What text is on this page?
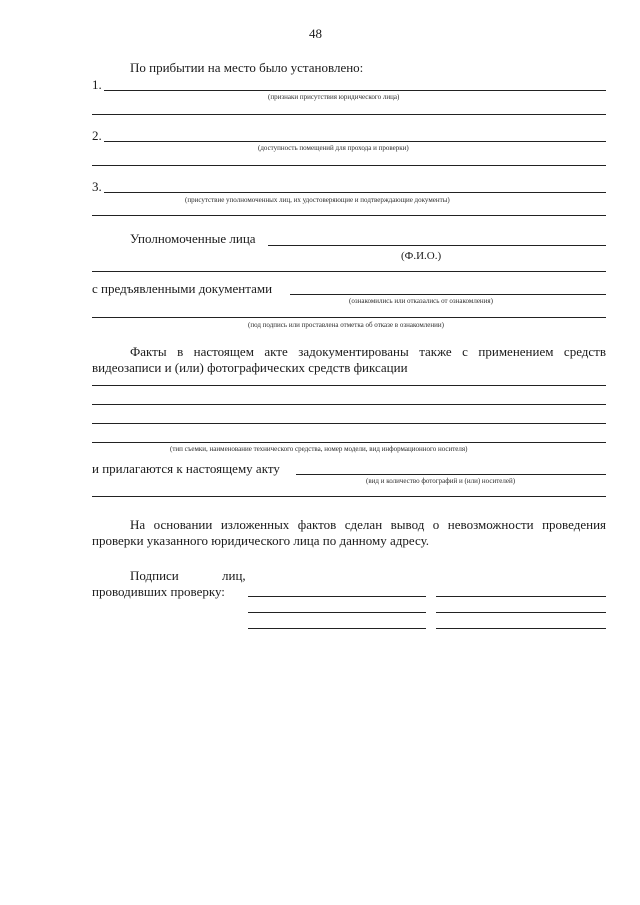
48
По прибытии на место было установлено:
1.
(признаки присутствия юридического лица)
2.
(доступность помещений для прохода и проверки)
3.
(присутствие уполномоченных лиц, их удостоверяющие и подтверждающие документы)
Уполномоченные лица
(Ф.И.О.)
с предъявленными документами
(ознакомились или отказались от ознакомления)
(под подпись или проставлена отметка об отказе в ознакомлении)
Факты в настоящем акте задокументированы также с применением средств
видеозаписи и (или) фотографических средств фиксации
(тип съемки, наименование технического средства, номер модели, вид информационного носителя)
и прилагаются к настоящему акту
(вид и количество фотографий и (или) носителей)
На основании изложенных фактов сделан вывод о невозможности проведения
проверки указанного юридического лица по данному адресу.
Подписи	лиц,
проводивших проверку:
